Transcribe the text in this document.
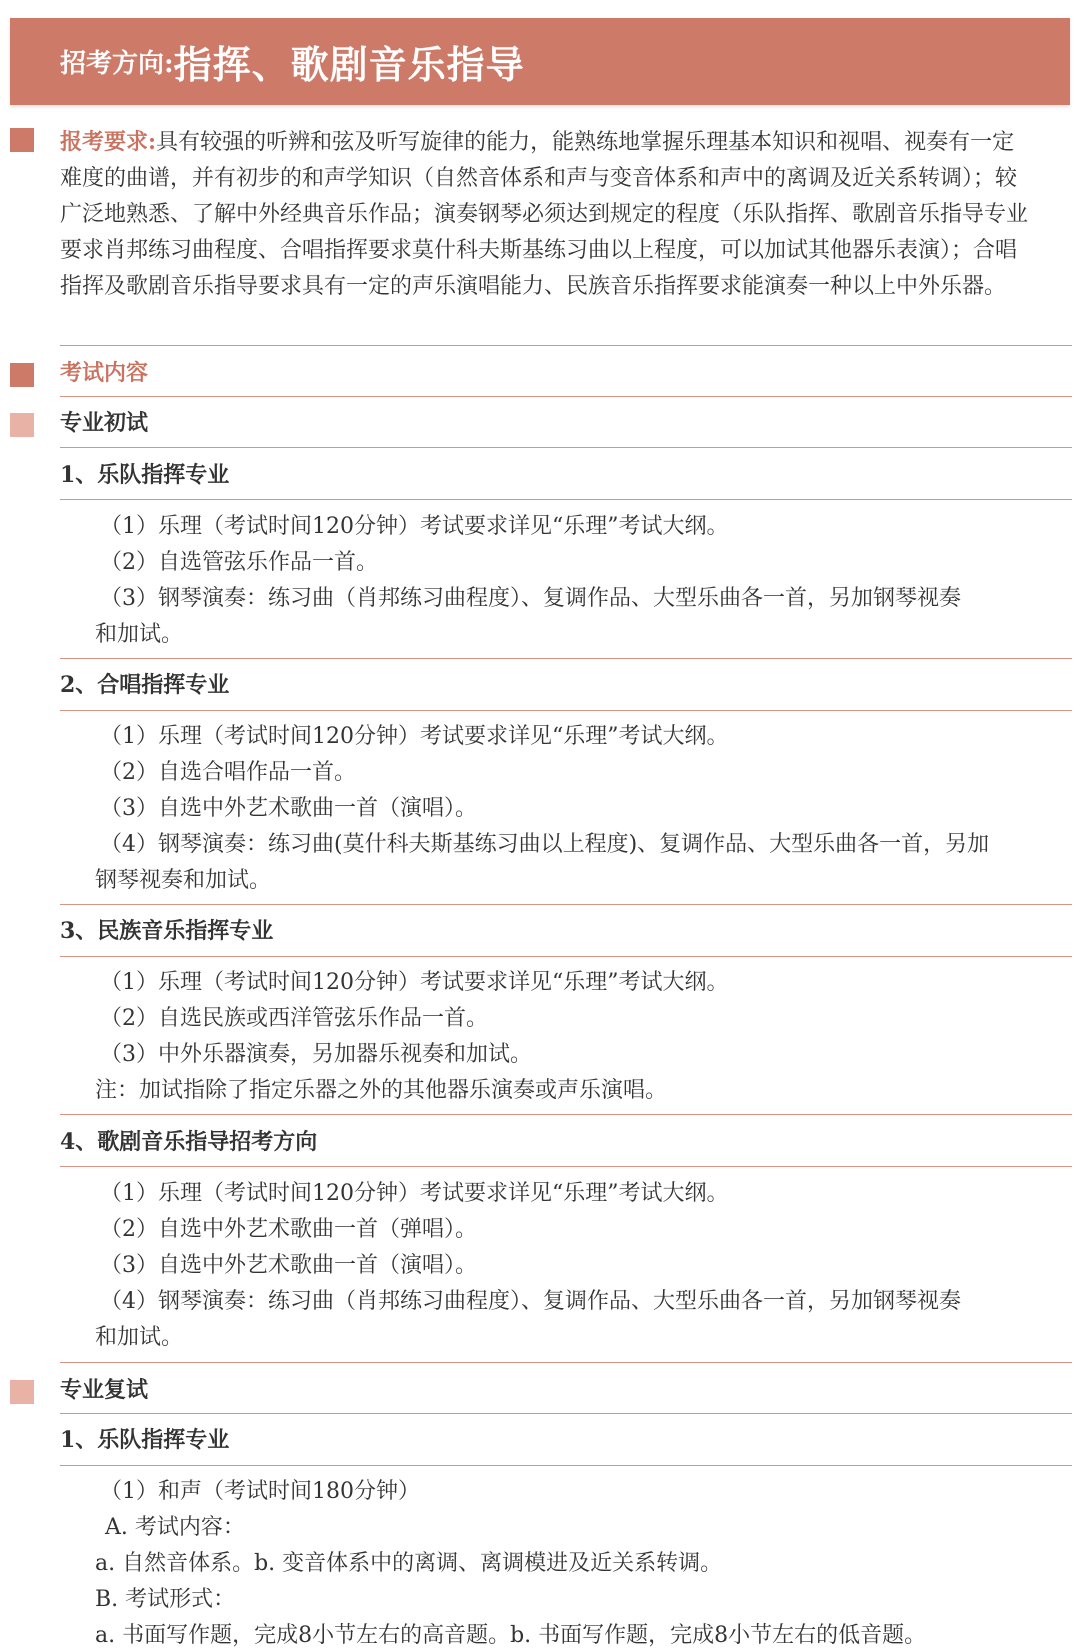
招考方向: 指挥、歌剧音乐指导
报考要求:具有较强的听辨和弦及听写旋律的能力，能熟练地掌握乐理基本知识和视唱、视奏有一定难度的曲谱，并有初步的和声学知识（自然音体系和声与变音体系和声中的离调及近关系转调）；较广泛地熟悉、了解中外经典音乐作品；演奏钢琴必须达到规定的程度（乐队指挥、歌剧音乐指导专业要求肖邦练习曲程度、合唱指挥要求莫什科夫斯基练习曲以上程度，可以加试其他器乐表演）；合唱指挥及歌剧音乐指导要求具有一定的声乐演唱能力、民族音乐指挥要求能演奏一种以上中外乐器。
考试内容
专业初试
1、乐队指挥专业
（1）乐理（考试时间120分钟）考试要求详见“乐理”考试大纲。
（2）自选管弦乐作品一首。
（3）钢琴演奏：练习曲（肖邦练习曲程度）、复调作品、大型乐曲各一首，另加钢琴视奏
和加试。
2、合唱指挥专业
（1）乐理（考试时间120分钟）考试要求详见“乐理”考试大纲。
（2）自选合唱作品一首。
（3）自选中外艺术歌曲一首（演唱）。
（4）钢琴演奏：练习曲(莫什科夫斯基练习曲以上程度)、复调作品、大型乐曲各一首，另加
钢琴视奏和加试。
3、民族音乐指挥专业
（1）乐理（考试时间120分钟）考试要求详见“乐理”考试大纲。
（2）自选民族或西洋管弦乐作品一首。
（3）中外乐器演奏，另加器乐视奏和加试。
注：加试指除了指定乐器之外的其他器乐演奏或声乐演唱。
4、歌剧音乐指导招考方向
（1）乐理（考试时间120分钟）考试要求详见“乐理”考试大纲。
（2）自选中外艺术歌曲一首（弹唱）。
（3）自选中外艺术歌曲一首（演唱）。
（4）钢琴演奏：练习曲（肖邦练习曲程度）、复调作品、大型乐曲各一首，另加钢琴视奏
和加试。
专业复试
1、乐队指挥专业
（1）和声（考试时间180分钟）
A. 考试内容：
a. 自然音体系。b. 变音体系中的离调、离调模进及近关系转调。
B. 考试形式：
a. 书面写作题，完成8小节左右的高音题。b. 书面写作题，完成8小节左右的低音题。
